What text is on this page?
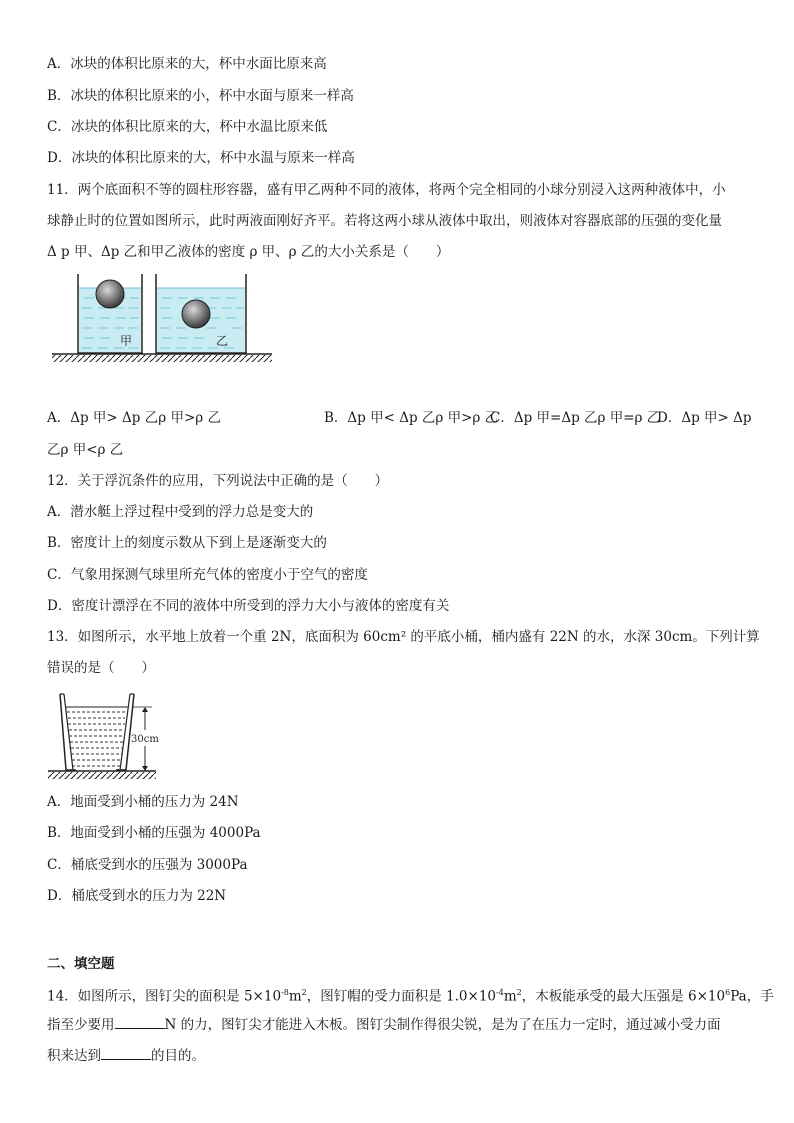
A．冰块的体积比原来的大，杯中水面比原来高
B．冰块的体积比原来的小，杯中水面与原来一样高
C．冰块的体积比原来的大，杯中水温比原来低
D．冰块的体积比原来的大，杯中水温与原来一样高
11．两个底面积不等的圆柱形容器，盛有甲乙两种不同的液体，将两个完全相同的小球分别浸入这两种液体中，小
球静止时的位置如图所示，此时两液面刚好齐平。若将这两小球从液体中取出，则液体对容器底部的压强的变化量
Δ p 甲、Δp 乙和甲乙液体的密度 ρ 甲、ρ 乙的大小关系是（　　）
甲	乙
A．Δp 甲> Δp 乙ρ 甲>ρ 乙	B．Δp 甲< Δp 乙ρ 甲>ρ 乙
C．Δp 甲=Δp 乙ρ 甲=ρ 乙
D．Δp 甲> Δp
乙ρ 甲<ρ 乙
12．关于浮沉条件的应用，下列说法中正确的是（　　）
A．潜水艇上浮过程中受到的浮力总是变大的
B．密度计上的刻度示数从下到上是逐渐变大的
C．气象用探测气球里所充气体的密度小于空气的密度
D．密度计漂浮在不同的液体中所受到的浮力大小与液体的密度有关
13．如图所示，水平地上放着一个重 2N，底面积为 60cm² 的平底小桶，桶内盛有 22N 的水，水深 30cm。下列计算
错误的是（　　）
30cm
A．地面受到小桶的压力为 24N
B．地面受到小桶的压强为 4000Pa
C．桶底受到水的压强为 3000Pa
D．桶底受到水的压力为 22N
二、填空题
14．如图所示，图钉尖的面积是 $5\times 10^{-8}m^2$，图钉帽的受力面积是 $1.0\times 10^{-4}m^2$，木板能承受的最大压强是 $6\times 10^6Pa$，手
指至少要用	N 的力，图钉尖才能进入木板。图钉尖制作得很尖锐，是为了在压力一定时，通过减小受力面
积来达到	的目的。
